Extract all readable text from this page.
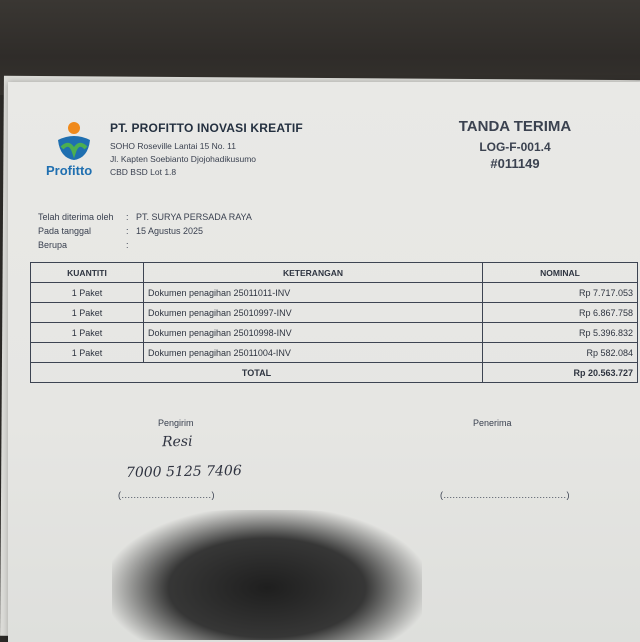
Profitto
PT. PROFITTO INOVASI KREATIF
SOHO Roseville Lantai 15 No. 11
Jl. Kapten Soebianto Djojohadikusumo
CBD BSD Lot 1.8
TANDA TERIMA
LOG-F-001.4
#011149
Telah diterima oleh	: PT. SURYA PERSADA RAYA
Pada tanggal	: 15 Agustus 2025
Berupa	:
KUANTITI	KETERANGAN	NOMINAL
1 Paket	Dokumen penagihan 25011011-INV	Rp 7.717.053
1 Paket	Dokumen penagihan 25010997-INV	Rp 6.867.758
1 Paket	Dokumen penagihan 25010998-INV	Rp 5.396.832
1 Paket	Dokumen penagihan 25011004-INV	Rp 582.084
TOTAL		Rp 20.563.727
Pengirim	Penerima
Resi
7000 5125 7406
(..............................)	(.........................................)
